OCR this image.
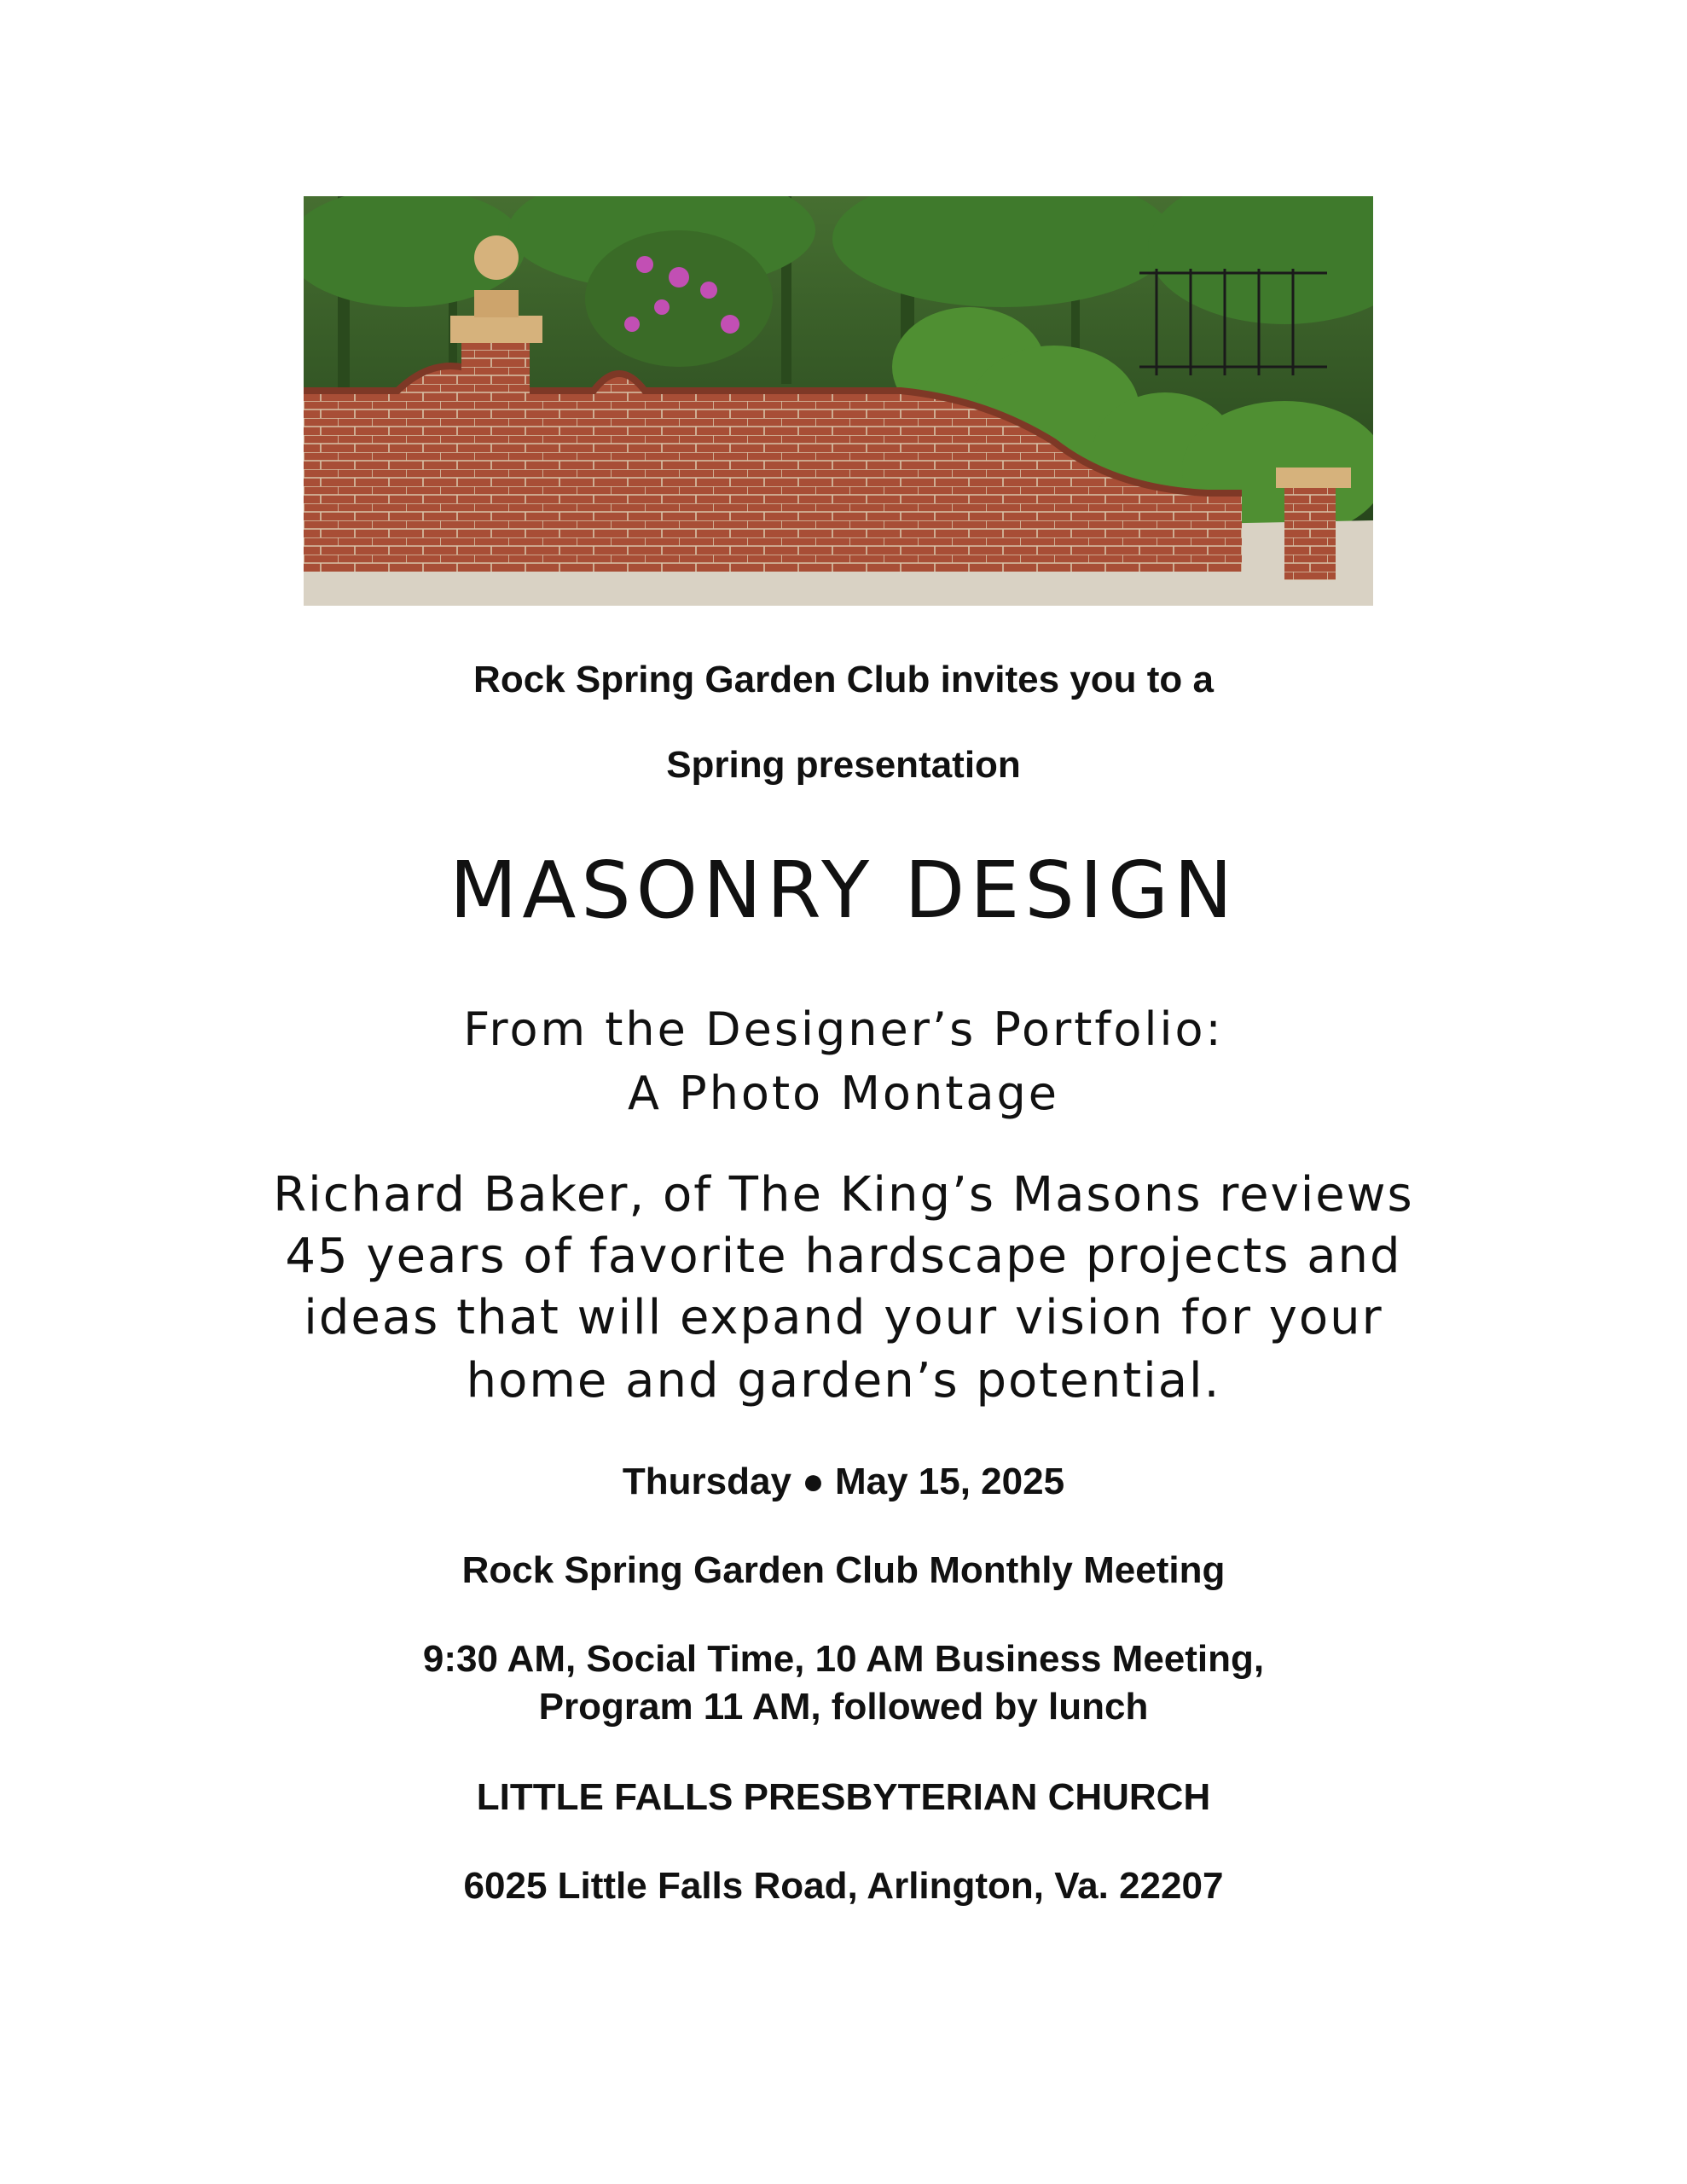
Rock Spring Garden Club invites you to a
Spring presentation
MASONRY DESIGN
From the Designer’s Portfolio:
A Photo Montage
Richard Baker, of The King’s Masons reviews
45 years of favorite hardscape projects and
ideas that will expand your vision for your
home and garden’s potential.
Thursday ● May 15, 2025
Rock Spring Garden Club Monthly Meeting
9:30 AM, Social Time, 10 AM Business Meeting,
Program 11 AM, followed by lunch
LITTLE FALLS PRESBYTERIAN CHURCH
6025 Little Falls Road, Arlington, Va. 22207
